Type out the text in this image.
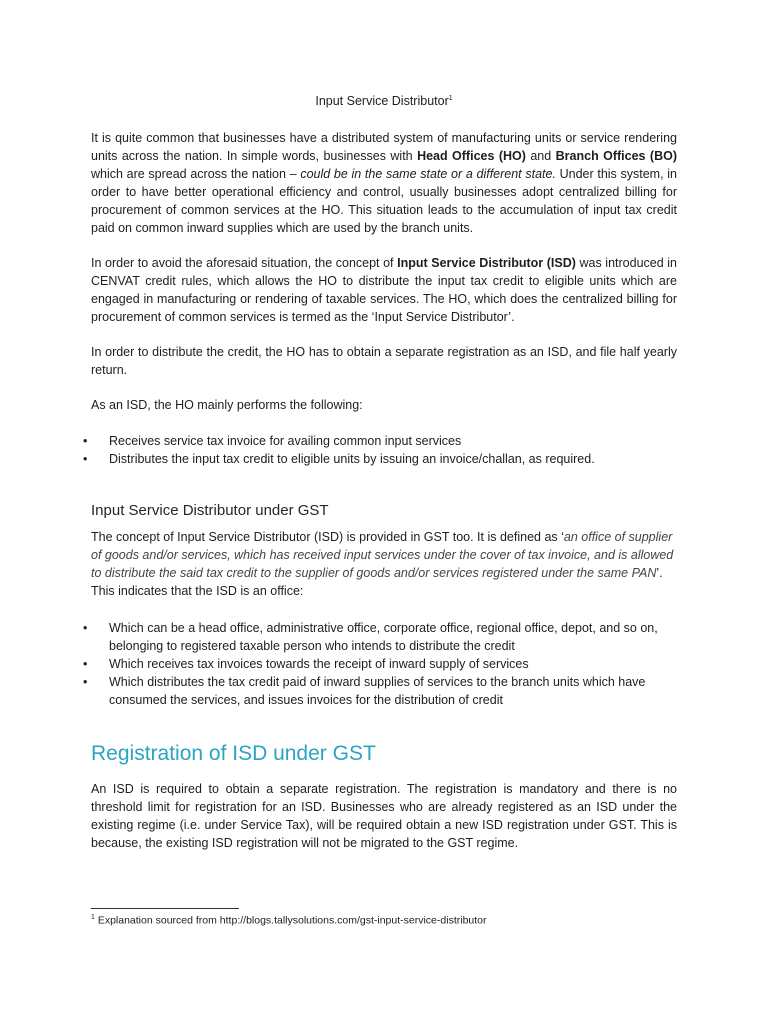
Input Service Distributor$^1$

It is quite common that businesses have a distributed system of manufacturing units or service rendering units across the nation. In simple words, businesses with Head Offices (HO) and Branch Offices (BO) which are spread across the nation – could be in the same state or a different state. Under this system, in order to have better operational efficiency and control, usually businesses adopt centralized billing for procurement of common services at the HO. This situation leads to the accumulation of input tax credit paid on common inward supplies which are used by the branch units.

In order to avoid the aforesaid situation, the concept of Input Service Distributor (ISD) was introduced in CENVAT credit rules, which allows the HO to distribute the input tax credit to eligible units which are engaged in manufacturing or rendering of taxable services. The HO, which does the centralized billing for procurement of common services is termed as the ‘Input Service Distributor’.

In order to distribute the credit, the HO has to obtain a separate registration as an ISD, and file half yearly return.

As an ISD, the HO mainly performs the following:

• Receives service tax invoice for availing common input services
• Distributes the input tax credit to eligible units by issuing an invoice/challan, as required.
Input Service Distributor under GST

The concept of Input Service Distributor (ISD) is provided in GST too. It is defined as ‘an office of supplier of goods and/or services, which has received input services under the cover of tax invoice, and is allowed to distribute the said tax credit to the supplier of goods and/or services registered under the same PAN’. This indicates that the ISD is an office:

• Which can be a head office, administrative office, corporate office, regional office, depot, and so on, belonging to registered taxable person who intends to distribute the credit
• Which receives tax invoices towards the receipt of inward supply of services
• Which distributes the tax credit paid of inward supplies of services to the branch units which have consumed the services, and issues invoices for the distribution of credit
Registration of ISD under GST

An ISD is required to obtain a separate registration. The registration is mandatory and there is no threshold limit for registration for an ISD. Businesses who are already registered as an ISD under the existing regime (i.e. under Service Tax), will be required obtain a new ISD registration under GST. This is because, the existing ISD registration will not be migrated to the GST regime.

$^1$ Explanation sourced from http://blogs.tallysolutions.com/gst-input-service-distributor
